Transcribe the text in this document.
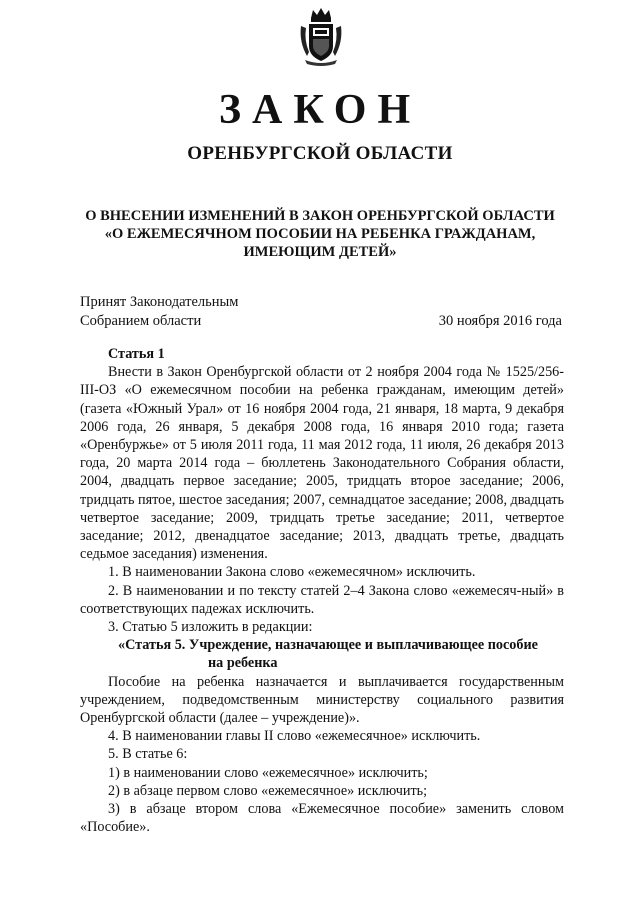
ЗАКОН
ОРЕНБУРГСКОЙ ОБЛАСТИ
О ВНЕСЕНИИ ИЗМЕНЕНИЙ В ЗАКОН ОРЕНБУРГСКОЙ ОБЛАСТИ
«О ЕЖЕМЕСЯЧНОМ ПОСОБИИ НА РЕБЕНКА ГРАЖДАНАМ,
ИМЕЮЩИМ ДЕТЕЙ»
Принят Законодательным
Собранием области	30 ноября 2016 года

Статья 1

Внести в Закон Оренбургской области от 2 ноября 2004 года № 1525/256-III-ОЗ «О ежемесячном пособии на ребенка гражданам, имеющим детей» (газета «Южный Урал» от 16 ноября 2004 года, 21 января, 18 марта, 9 декабря 2006 года, 26 января, 5 декабря 2008 года, 16 января 2010 года; газета «Оренбуржье» от 5 июля 2011 года, 11 мая 2012 года, 11 июля, 26 декабря 2013 года, 20 марта 2014 года – бюллетень Законодательного Собрания области, 2004, двадцать первое заседание; 2005, тридцать второе заседание; 2006, тридцать пятое, шестое заседания; 2007, семнадцатое заседание; 2008, двадцать четвертое заседание; 2009, тридцать третье заседание; 2011, четвертое заседание; 2012, двенадцатое заседание; 2013, двадцать третье, двадцать седьмое заседания) изменения.

1. В наименовании Закона слово «ежемесячном» исключить.

2. В наименовании и по тексту статей 2–4 Закона слово «ежемесяч-ный» в соответствующих падежах исключить.

3. Статью 5 изложить в редакции:

«Статья 5. Учреждение, назначающее и выплачивающее пособие

на ребенка

Пособие на ребенка назначается и выплачивается государственным учреждением, подведомственным министерству социального развития Оренбургской области (далее – учреждение)».

4. В наименовании главы II слово «ежемесячное» исключить.

5. В статье 6:

1) в наименовании слово «ежемесячное» исключить;

2) в абзаце первом слово «ежемесячное» исключить;

3) в абзаце втором слова «Ежемесячное пособие» заменить словом «Пособие».
